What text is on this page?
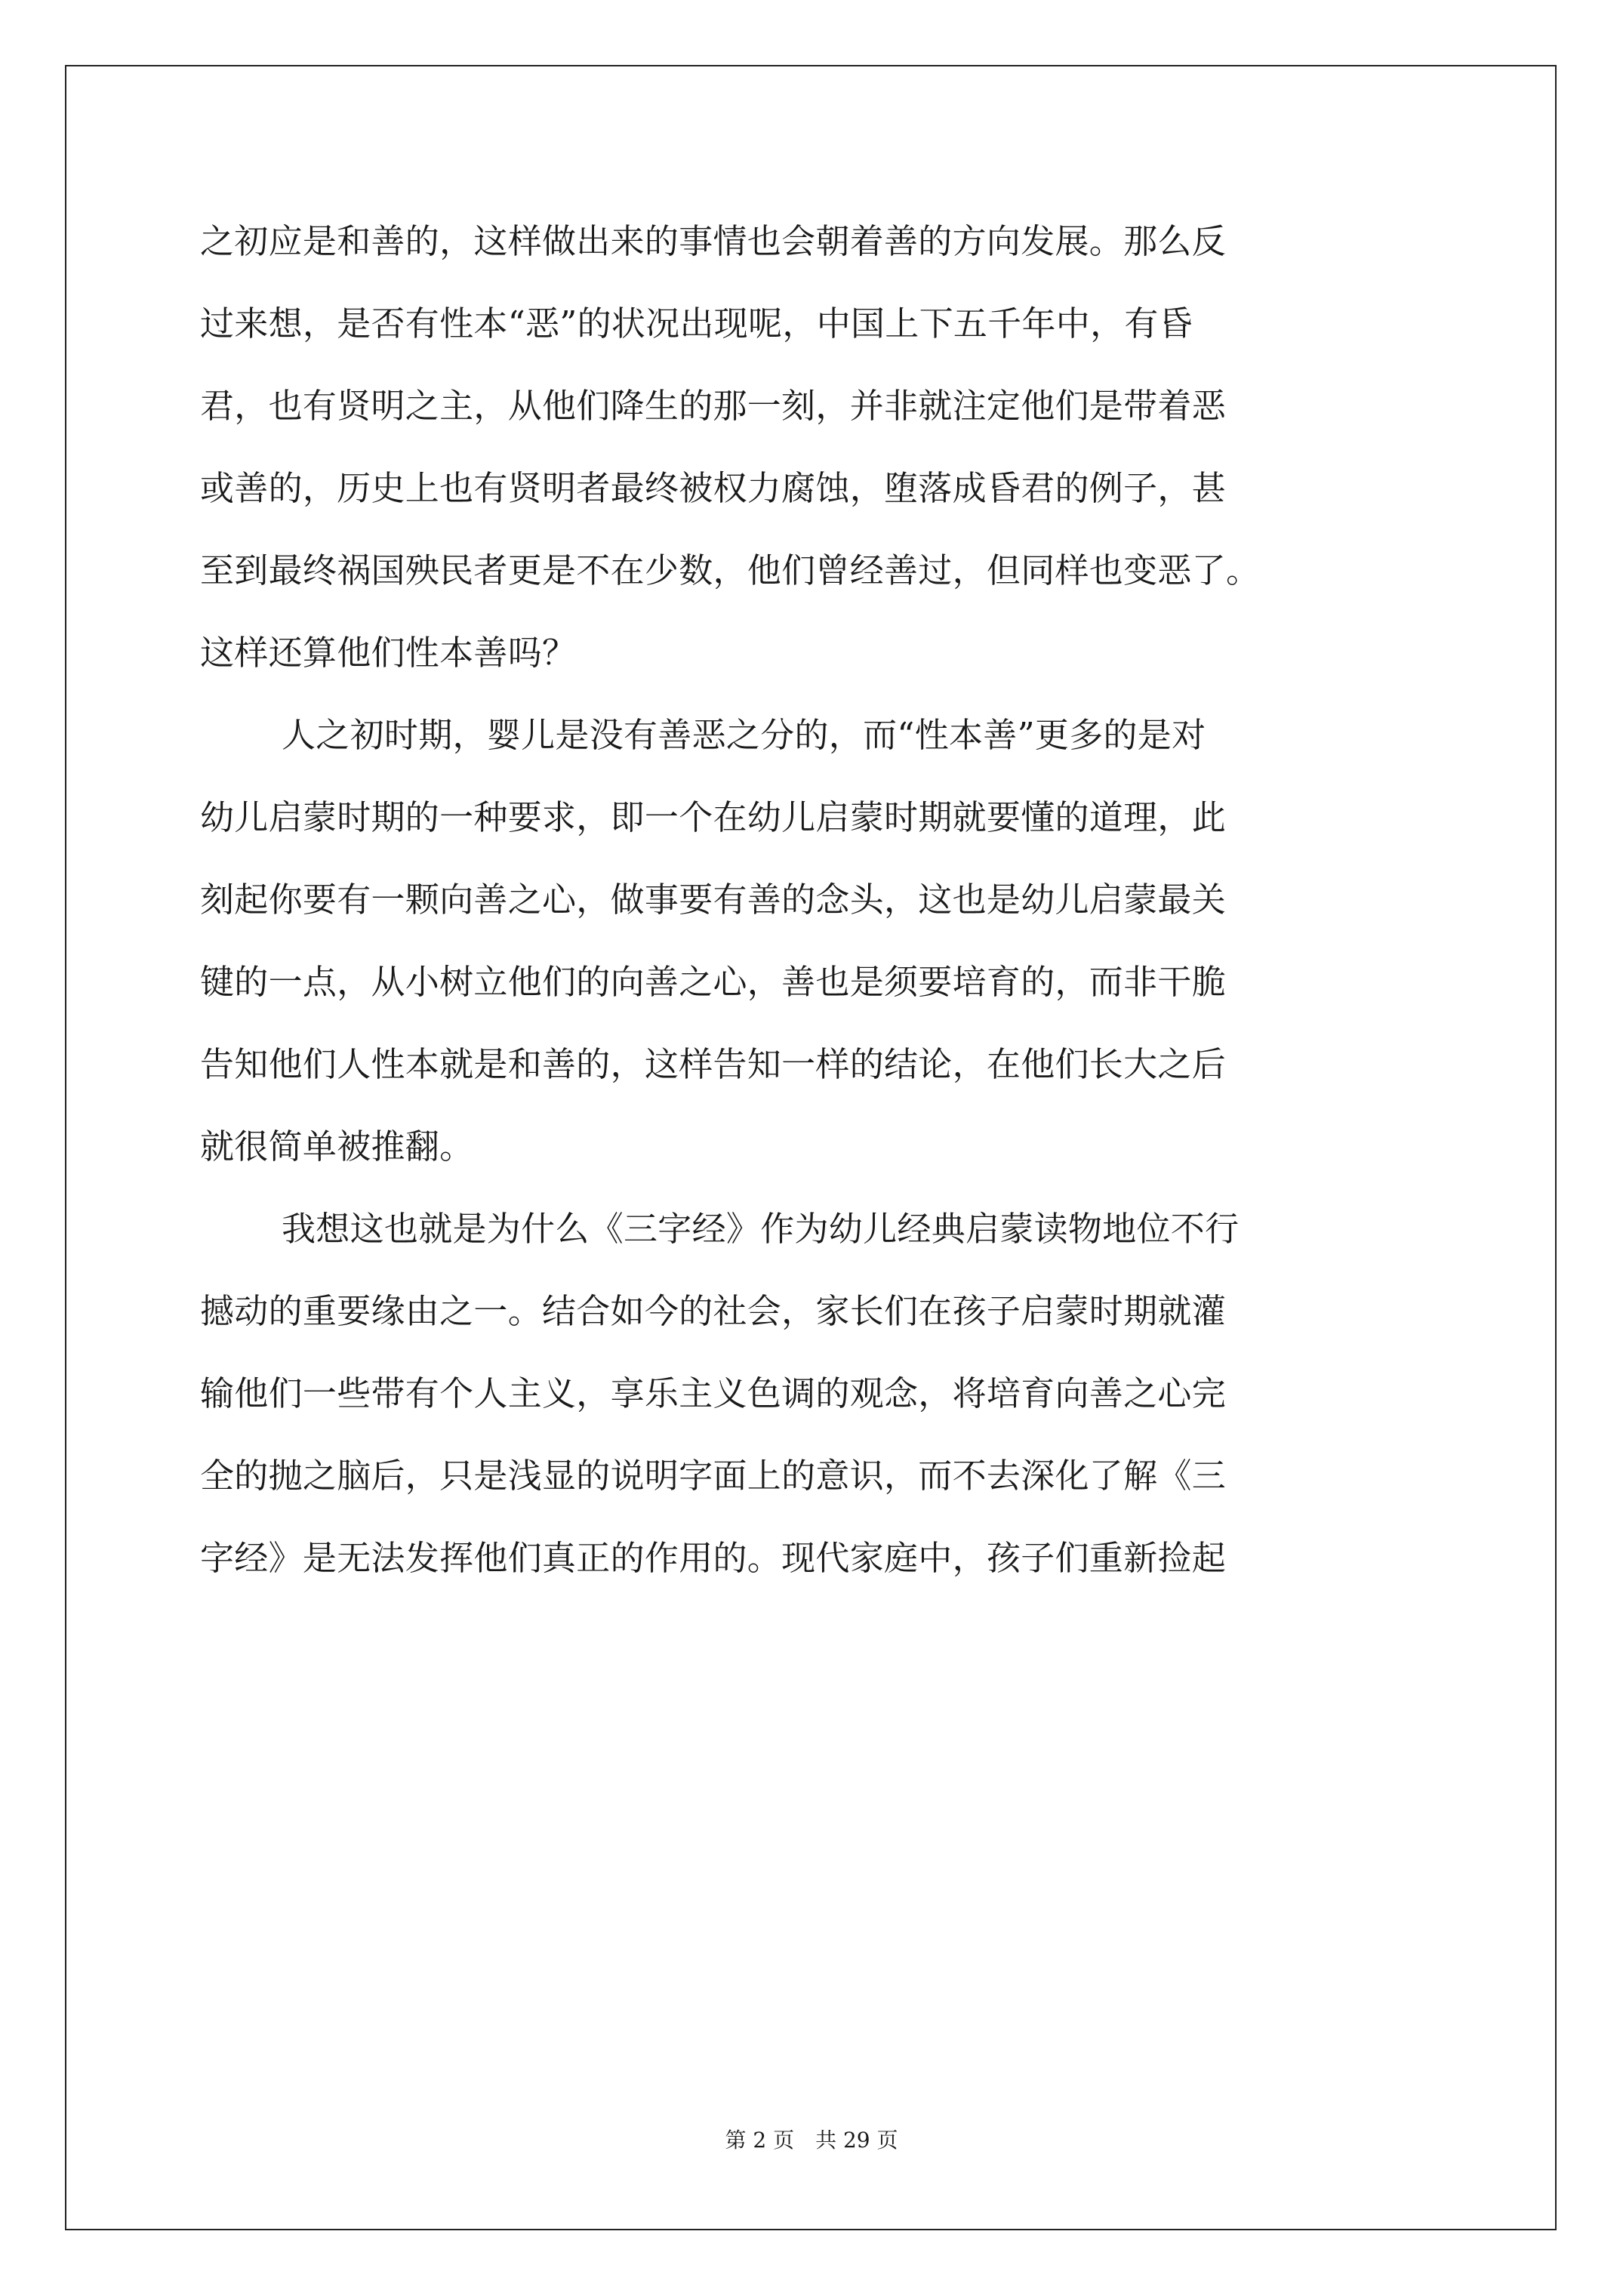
之初应是和善的，这样做出来的事情也会朝着善的方向发展。那么反
过来想，是否有性本“恶”的状况出现呢，中国上下五千年中，有昏
君，也有贤明之主，从他们降生的那一刻，并非就注定他们是带着恶
或善的，历史上也有贤明者最终被权力腐蚀，堕落成昏君的例子，甚
至到最终祸国殃民者更是不在少数，他们曾经善过，但同样也变恶了。
这样还算他们性本善吗？
人之初时期，婴儿是没有善恶之分的，而“性本善”更多的是对
幼儿启蒙时期的一种要求，即一个在幼儿启蒙时期就要懂的道理，此
刻起你要有一颗向善之心，做事要有善的念头，这也是幼儿启蒙最关
键的一点，从小树立他们的向善之心，善也是须要培育的，而非干脆
告知他们人性本就是和善的，这样告知一样的结论，在他们长大之后
就很简单被推翻。
我想这也就是为什么《三字经》作为幼儿经典启蒙读物地位不行
撼动的重要缘由之一。结合如今的社会，家长们在孩子启蒙时期就灌
输他们一些带有个人主义，享乐主义色调的观念，将培育向善之心完
全的抛之脑后，只是浅显的说明字面上的意识，而不去深化了解《三
字经》是无法发挥他们真正的作用的。现代家庭中，孩子们重新捡起
第 2 页 共 29 页
